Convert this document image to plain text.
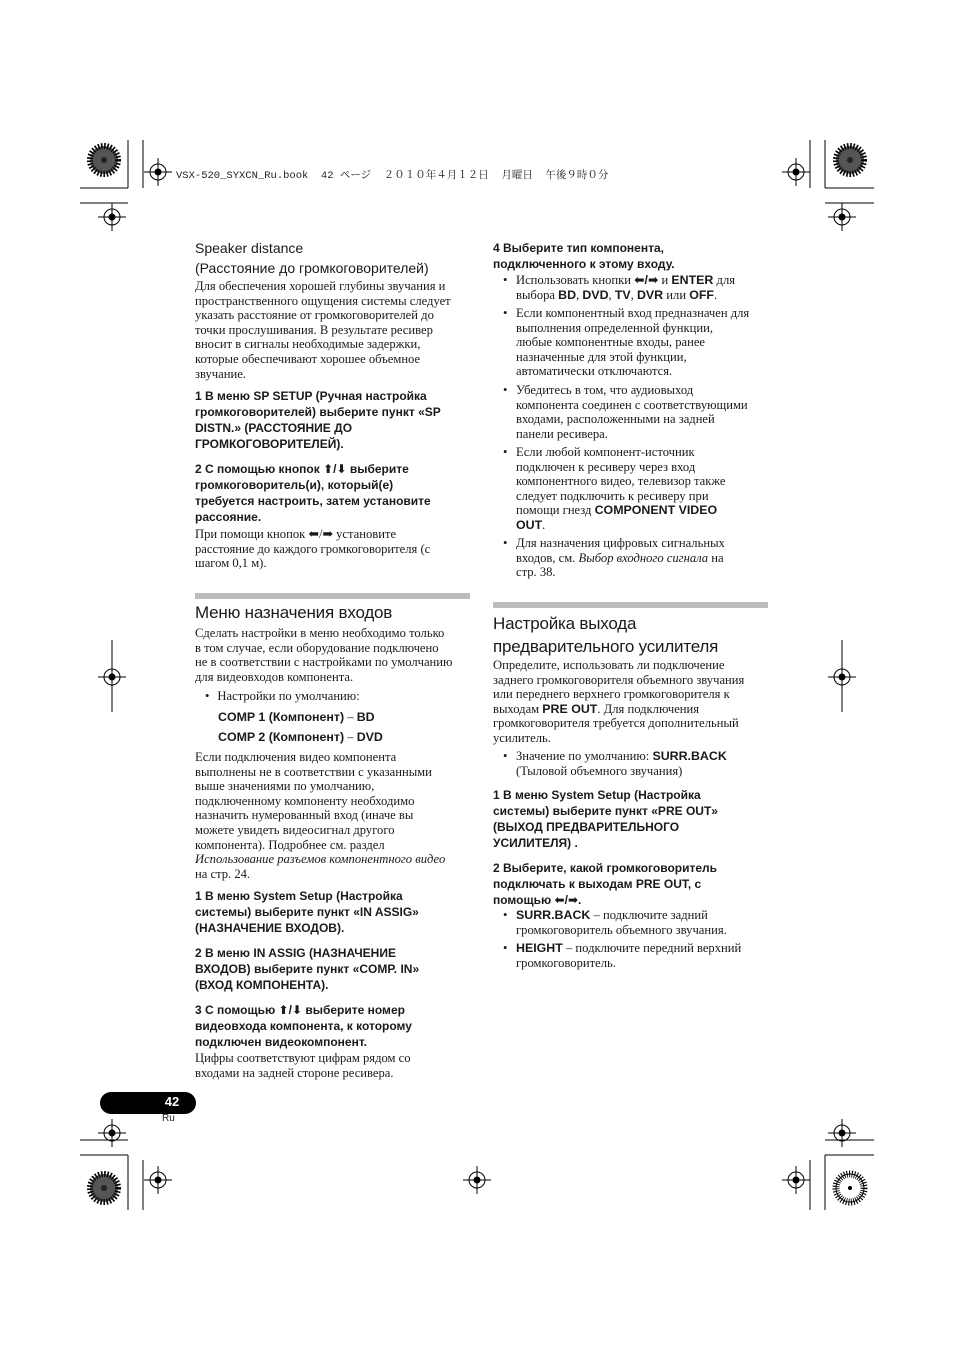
VSX-520_SYXCN_Ru.book  42 ページ  ２０１０年４月１２日  月曜日  午後９時０分
Speaker distance
(Расстояние до громкоговорителей)
Для обеспечения хорошей глубины звучания и
пространственного ощущения системы следует
указать расстояние от громкоговорителей до
точки прослушивания. В результате ресивер
вносит в сигналы необходимые задержки,
которые обеспечивают хорошее объемное
звучание.
1 В меню SP SETUP (Ручная настройка
громкоговорителей) выберите пункт «SP
DISTN.» (РАССТОЯНИЕ ДО
ГРОМКОГОВОРИТЕЛЕЙ).
2 С помощью кнопок ⬆/⬇ выберите
громкоговоритель(и), который(е)
требуется настроить, затем установите
рассояние.
При помощи кнопок ⬅/➡ установите
расстояние до каждого громкоговорителя (с
шагом 0,1 м).
Меню назначения входов
Сделать настройки в меню необходимо только
в том случае, если оборудование подключено
не в соответствии с настройками по умолчанию
для видеовходов компонента.
• Настройки по умолчанию:
COMP 1 (Компонент) – BD
COMP 2 (Компонент) – DVD
Если подключения видео компонента
выполнены не в соответствии с указанными
выше значениями по умолчанию,
подключенному компоненту необходимо
назначить нумерованный вход (иначе вы
можете увидеть видеосигнал другого
компонента). Подробнее см. раздел
Использование разъемов компонентного видео
на стр. 24.
1 В меню System Setup (Настройка
системы) выберите пункт «IN ASSIG»
(НАЗНАЧЕНИЕ ВХОДОВ).
2 В меню IN ASSIG (НАЗНАЧЕНИЕ
ВХОДОВ) выберите пункт «COMP. IN»
(ВХОД КОМПОНЕНТА).
3 С помощью ⬆/⬇ выберите номер
видеовхода компонента, к которому
подключен видеокомпонент.
Цифры соответствуют цифрам рядом со
входами на задней стороне ресивера.
4 Выберите тип компонента,
подключенного к этому входу.
• Использовать кнопки ⬅/➡ и ENTER для
выбора BD, DVD, TV, DVR или OFF.
• Если компонентный вход предназначен для
выполнения определенной функции,
любые компонентные входы, ранее
назначенные для этой функции,
автоматически отключаются.
• Убедитесь в том, что аудиовыход
компонента соединен с соответствующими
входами, расположенными на задней
панели ресивера.
• Если любой компонент-источник
подключен к ресиверу через вход
компонентного видео, телевизор также
следует подключить к ресиверу при
помощи гнезд COMPONENT VIDEO
OUT.
• Для назначения цифровых сигнальных
входов, см. Выбор входного сигнала на
стр. 38.
Настройка выхода
предварительного усилителя
Определите, использовать ли подключение
заднего громкоговорителя объемного звучания
или переднего верхнего громкоговорителя к
выходам PRE OUT. Для подключения
громкоговорителя требуется дополнительный
усилитель.
• Значение по умолчанию: SURR.BACK
(Тыловой объемного звучания)
1 В меню System Setup (Настройка
системы) выберите пункт «PRE OUT»
(ВЫХОД ПРЕДВАРИТЕЛЬНОГО
УСИЛИТЕЛЯ) .
2 Выберите, какой громкоговоритель
подключать к выходам PRE OUT, с
помощью ⬅/➡.
• SURR.BACK – подключите задний
громкоговоритель объемного звучания.
• HEIGHT – подключите передний верхний
громкоговоритель.
42
Ru
